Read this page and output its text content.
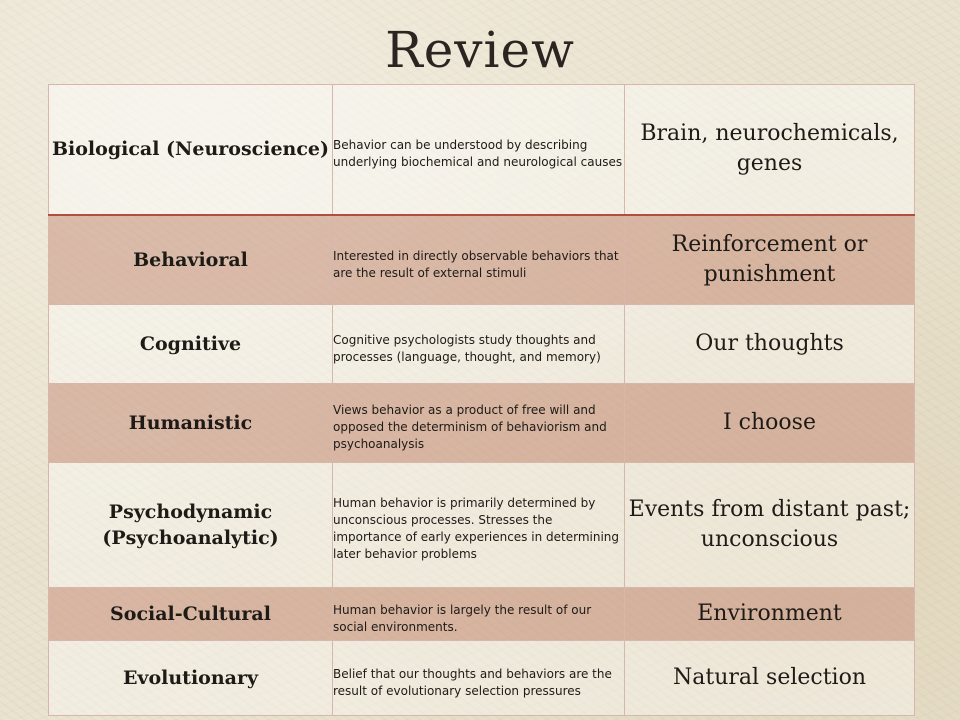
Review
Biological (Neuroscience)	Behavior can be understood by describing underlying biochemical and neurological causes	Brain, neurochemicals, genes
Behavioral	Interested in directly observable behaviors that are the result of external stimuli	Reinforcement or punishment
Cognitive	Cognitive psychologists study thoughts and processes (language, thought, and memory)	Our thoughts
Humanistic	Views behavior as a product of free will and opposed the determinism of behaviorism and psychoanalysis	I choose
Psychodynamic (Psychoanalytic)	Human behavior is primarily determined by unconscious processes. Stresses the importance of early experiences in determining later behavior problems	Events from distant past; unconscious
Social-Cultural	Human behavior is largely the result of our social environments.	Environment
Evolutionary	Belief that our thoughts and behaviors are the result of evolutionary selection pressures	Natural selection
